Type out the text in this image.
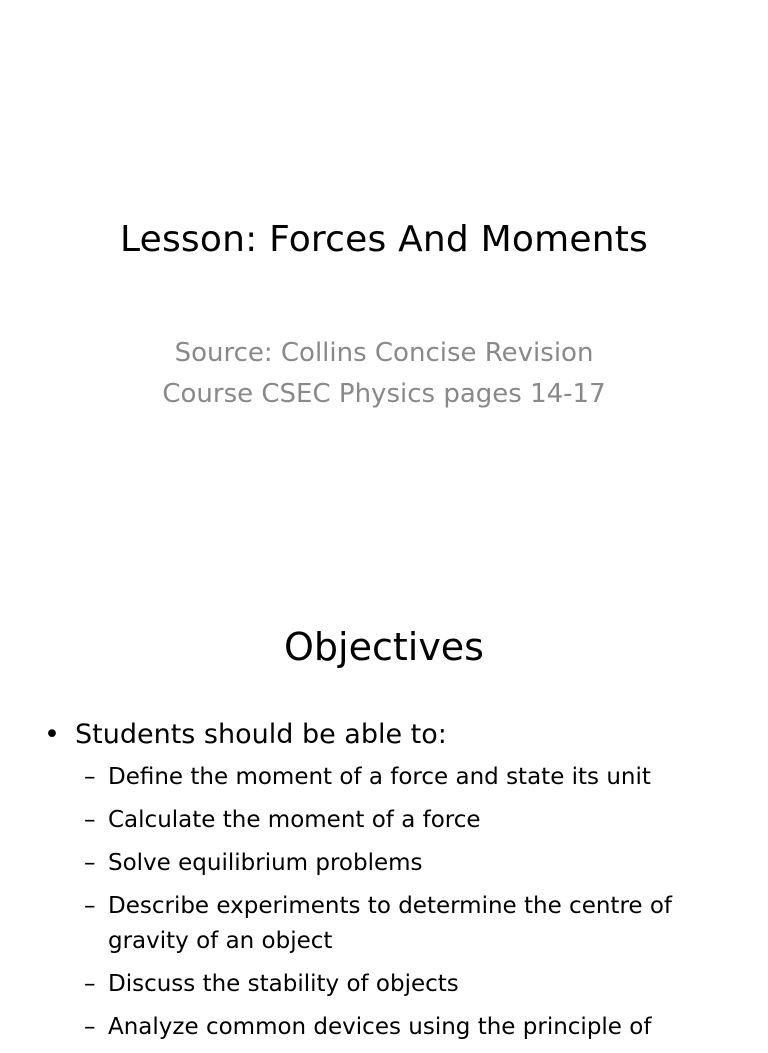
Lesson: Forces And Moments
Source: Collins Concise Revision
Course CSEC Physics pages 14-17
Objectives
• Students should be able to:
– Define the moment of a force and state its unit
– Calculate the moment of a force
– Solve equilibrium problems
– Describe experiments to determine the centre of gravity of an object
– Discuss the stability of objects
– Analyze common devices using the principle of
